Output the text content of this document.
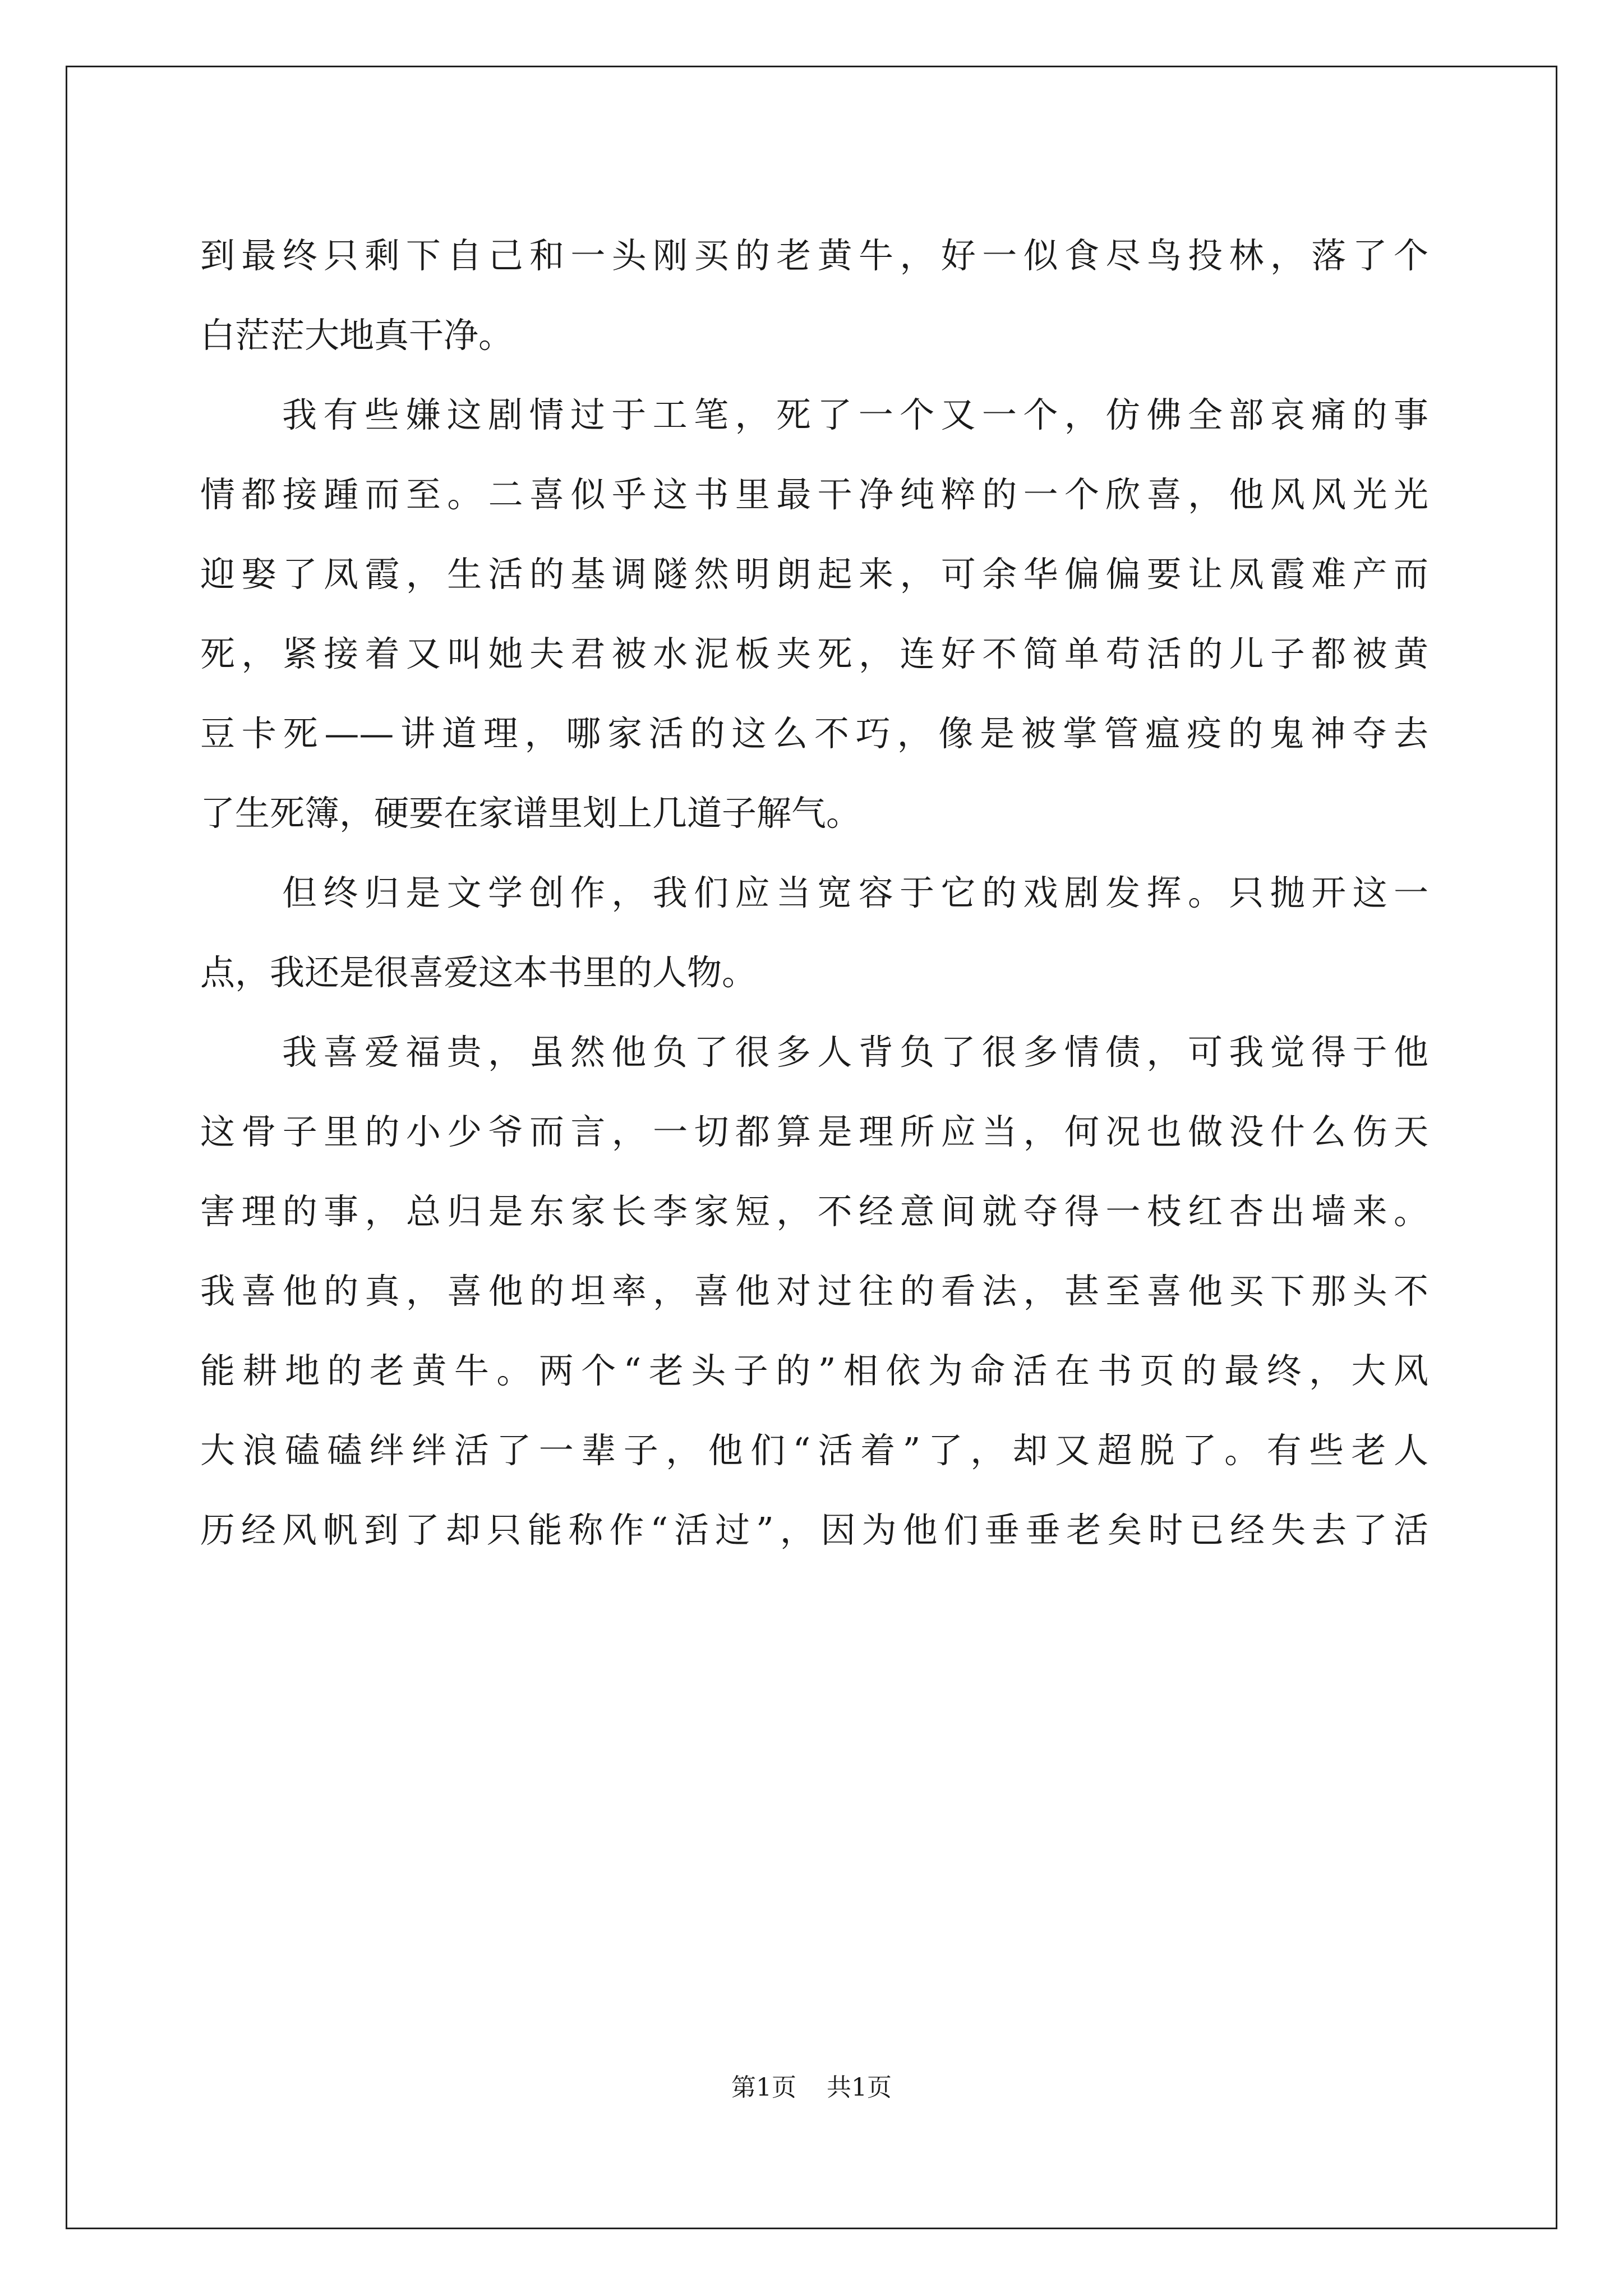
到最终只剩下自己和一头刚买的老黄牛，好一似食尽鸟投林，落了个
白茫茫大地真干净。
我有些嫌这剧情过于工笔，死了一个又一个，仿佛全部哀痛的事
情都接踵而至。二喜似乎这书里最干净纯粹的一个欣喜，他风风光光
迎娶了凤霞，生活的基调隧然明朗起来，可余华偏偏要让凤霞难产而
死，紧接着又叫她夫君被水泥板夹死，连好不简单苟活的儿子都被黄
豆卡死——讲道理，哪家活的这么不巧，像是被掌管瘟疫的鬼神夺去
了生死簿，硬要在家谱里划上几道子解气。
但终归是文学创作，我们应当宽容于它的戏剧发挥。只抛开这一
点，我还是很喜爱这本书里的人物。
我喜爱福贵，虽然他负了很多人背负了很多情债，可我觉得于他
这骨子里的小少爷而言，一切都算是理所应当，何况也做没什么伤天
害理的事，总归是东家长李家短，不经意间就夺得一枝红杏出墙来。
我喜他的真，喜他的坦率，喜他对过往的看法，甚至喜他买下那头不
能耕地的老黄牛。两个“老头子的”相依为命活在书页的最终，大风
大浪磕磕绊绊活了一辈子，他们“活着”了，却又超脱了。有些老人
历经风帆到了却只能称作“活过”，因为他们垂垂老矣时已经失去了活
第1页 共1页
